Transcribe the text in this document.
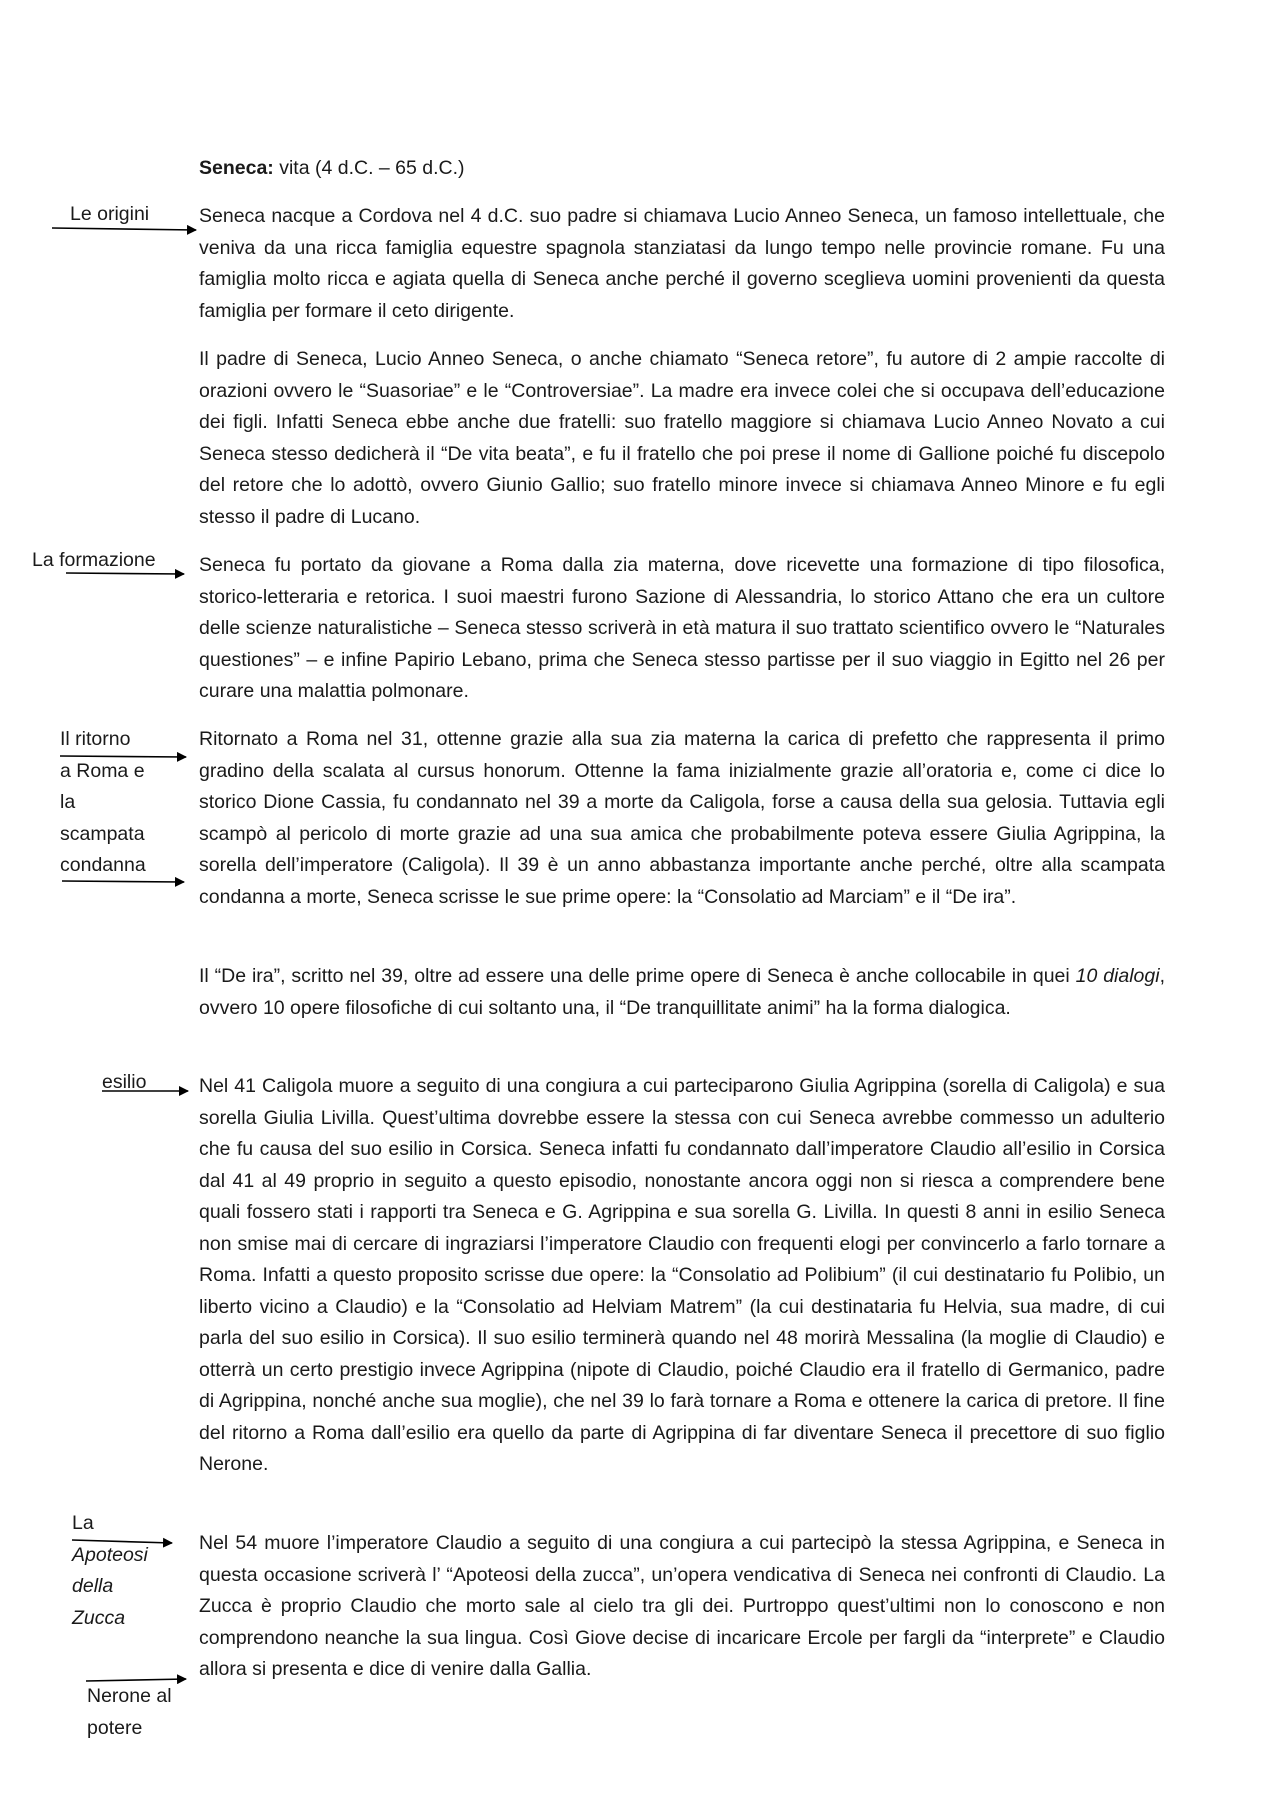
Seneca: vita (4 d.C. – 65 d.C.)

Seneca nacque a Cordova nel 4 d.C. suo padre si chiamava Lucio Anneo Seneca, un famoso intellettuale, che veniva da una ricca famiglia equestre spagnola stanziatasi da lungo tempo nelle provincie romane. Fu una famiglia molto ricca e agiata quella di Seneca anche perché il governo sceglieva uomini provenienti da questa famiglia per formare il ceto dirigente.

Il padre di Seneca, Lucio Anneo Seneca, o anche chiamato “Seneca retore”, fu autore di 2 ampie raccolte di orazioni ovvero le “Suasoriae” e le “Controversiae”. La madre era invece colei che si occupava dell’educazione dei figli. Infatti Seneca ebbe anche due fratelli: suo fratello maggiore si chiamava Lucio Anneo Novato a cui Seneca stesso dedicherà il “De vita beata”, e fu il fratello che poi prese il nome di Gallione poiché fu discepolo del retore che lo adottò, ovvero Giunio Gallio; suo fratello minore invece si chiamava Anneo Minore e fu egli stesso il padre di Lucano.

Seneca fu portato da giovane a Roma dalla zia materna, dove ricevette una formazione di tipo filosofica, storico-letteraria e retorica. I suoi maestri furono Sazione di Alessandria, lo storico Attano che era un cultore delle scienze naturalistiche – Seneca stesso scriverà in età matura il suo trattato scientifico ovvero le “Naturales questiones” – e infine Papirio Lebano, prima che Seneca stesso partisse per il suo viaggio in Egitto nel 26 per curare una malattia polmonare.

Ritornato a Roma nel 31, ottenne grazie alla sua zia materna la carica di prefetto che rappresenta il primo gradino della scalata al cursus honorum. Ottenne la fama inizialmente grazie all’oratoria e, come ci dice lo storico Dione Cassia, fu condannato nel 39 a morte da Caligola, forse a causa della sua gelosia. Tuttavia egli scampò al pericolo di morte grazie ad una sua amica che probabilmente poteva essere Giulia Agrippina, la sorella dell’imperatore (Caligola). Il 39 è un anno abbastanza importante anche perché, oltre alla scampata condanna a morte, Seneca scrisse le sue prime opere: la “Consolatio ad Marciam” e il “De ira”.

Il “De ira”, scritto nel 39, oltre ad essere una delle prime opere di Seneca è anche collocabile in quei 10 dialogi, ovvero 10 opere filosofiche di cui soltanto una, il “De tranquillitate animi” ha la forma dialogica.

Nel 41 Caligola muore a seguito di una congiura a cui parteciparono Giulia Agrippina (sorella di Caligola) e sua sorella Giulia Livilla. Quest’ultima dovrebbe essere la stessa con cui Seneca avrebbe commesso un adulterio che fu causa del suo esilio in Corsica. Seneca infatti fu condannato dall’imperatore Claudio all’esilio in Corsica dal 41 al 49 proprio in seguito a questo episodio, nonostante ancora oggi non si riesca a comprendere bene quali fossero stati i rapporti tra Seneca e G. Agrippina e sua sorella G. Livilla. In questi 8 anni in esilio Seneca non smise mai di cercare di ingraziarsi l’imperatore Claudio con frequenti elogi per convincerlo a farlo tornare a Roma. Infatti a questo proposito scrisse due opere: la “Consolatio ad Polibium” (il cui destinatario fu Polibio, un liberto vicino a Claudio) e la “Consolatio ad Helviam Matrem” (la cui destinataria fu Helvia, sua madre, di cui parla del suo esilio in Corsica). Il suo esilio terminerà quando nel 48 morirà Messalina (la moglie di Claudio) e otterrà un certo prestigio invece Agrippina (nipote di Claudio, poiché Claudio era il fratello di Germanico, padre di Agrippina, nonché anche sua moglie), che nel 39 lo farà tornare a Roma e ottenere la carica di pretore. Il fine del ritorno a Roma dall’esilio era quello da parte di Agrippina di far diventare Seneca il precettore di suo figlio Nerone.

Nel 54 muore l’imperatore Claudio a seguito di una congiura a cui partecipò la stessa Agrippina, e Seneca in questa occasione scriverà l’ “Apoteosi della zucca”, un’opera vendicativa di Seneca nei confronti di Claudio. La Zucca è proprio Claudio che morto sale al cielo tra gli dei. Purtroppo quest’ultimi non lo conoscono e non comprendono neanche la sua lingua. Così Giove decise di incaricare Ercole per fargli da “interprete” e Claudio allora si presenta e dice di venire dalla Gallia.

Le origini
La formazione
Il ritorno
a Roma e
la
scampata
condanna
esilio
La
Apoteosi
della
Zucca
Nerone al
potere
